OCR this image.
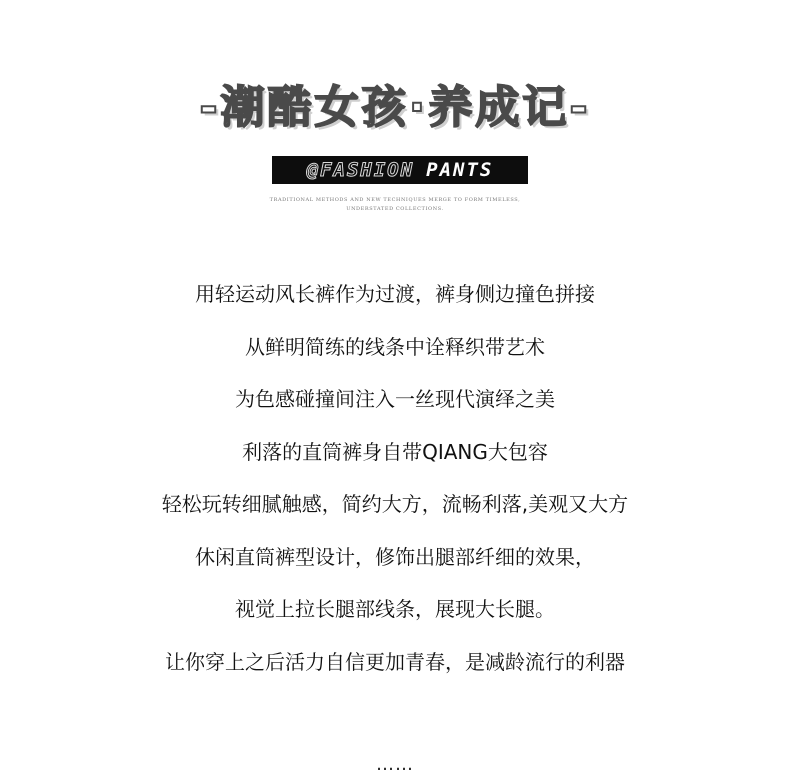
-潮酷女孩·养成记-
@FASHION PANTS
TRADITIONAL METHODS AND NEW TECHNIQUES MERGE TO FORM TIMELESS,
UNDERSTATED COLLECTIONS.
用轻运动风长裤作为过渡，裤身侧边撞色拼接
从鲜明简练的线条中诠释织带艺术
为色感碰撞间注入一丝现代演绎之美
利落的直筒裤身自带QIANG大包容
轻松玩转细腻触感，简约大方，流畅利落,美观又大方
休闲直筒裤型设计，修饰出腿部纤细的效果，
视觉上拉长腿部线条，展现大长腿。
让你穿上之后活力自信更加青春，是减龄流行的利器
……
